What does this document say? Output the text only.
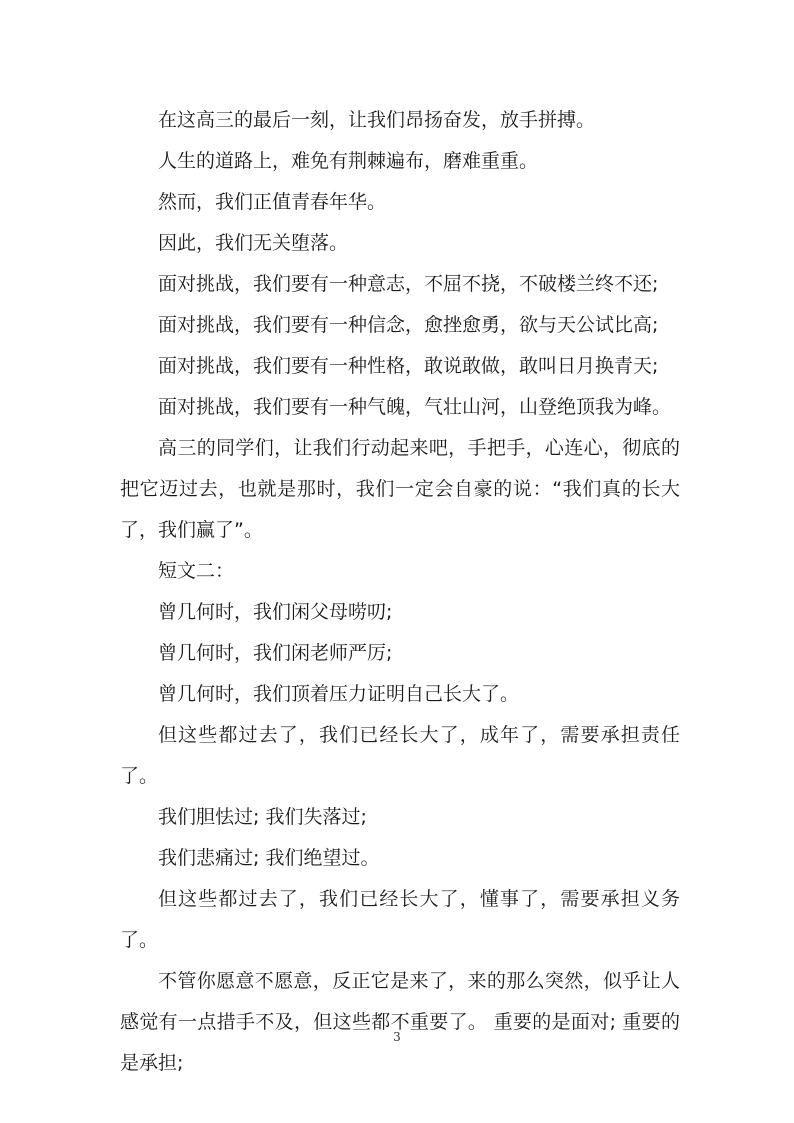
在这高三的最后一刻，让我们昂扬奋发，放手拼搏。

人生的道路上，难免有荆棘遍布，磨难重重。

然而，我们正值青春年华。

因此，我们无关堕落。

面对挑战，我们要有一种意志，不屈不挠，不破楼兰终不还;

面对挑战，我们要有一种信念，愈挫愈勇，欲与天公试比高;

面对挑战，我们要有一种性格，敢说敢做，敢叫日月换青天;

面对挑战，我们要有一种气魄，气壮山河，山登绝顶我为峰。

高三的同学们，让我们行动起来吧，手把手，心连心，彻底的把它迈过去，也就是那时，我们一定会自豪的说：“我们真的长大了，我们赢了”。

短文二：

曾几何时，我们闲父母唠叨;

曾几何时，我们闲老师严厉;

曾几何时，我们顶着压力证明自己长大了。

但这些都过去了，我们已经长大了，成年了，需要承担责任了。

我们胆怯过; 我们失落过;

我们悲痛过; 我们绝望过。

但这些都过去了，我们已经长大了，懂事了，需要承担义务了。

不管你愿意不愿意，反正它是来了，来的那么突然，似乎让人感觉有一点措手不及，但这些都不重要了。 重要的是面对; 重要的是承担;

3
